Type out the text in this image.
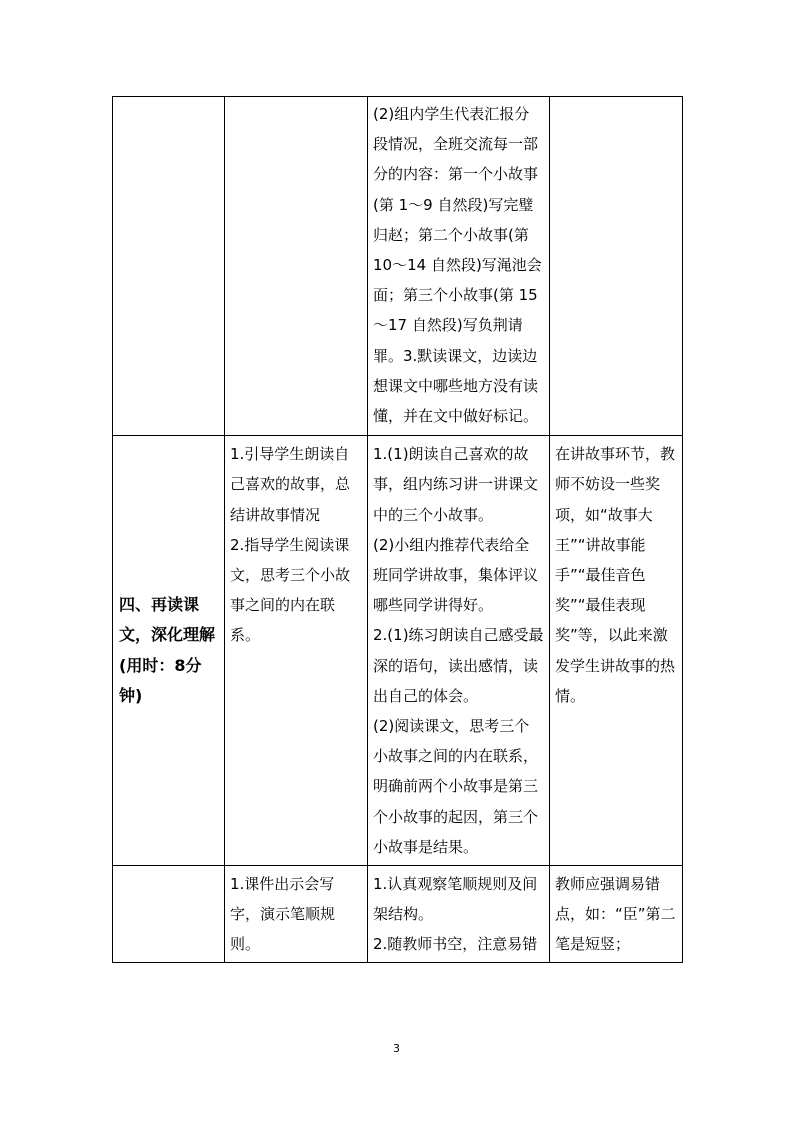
		(2)组内学生代表汇报分段情况，全班交流每一部分的内容：第一个小故事(第 1～9 自然段)写完璧归赵；第二个小故事(第 10～14 自然段)写渑池会面；第三个小故事(第 15～17 自然段)写负荆请罪。3.默读课文，边读边想课文中哪些地方没有读懂，并在文中做好标记。	

四、再读课文，深化理解(用时：8分钟)	1.引导学生朗读自己喜欢的故事，总结讲故事情况
2.指导学生阅读课文，思考三个小故事之间的内在联系。	1.(1)朗读自己喜欢的故事，组内练习讲一讲课文中的三个小故事。
(2)小组内推荐代表给全班同学讲故事，集体评议哪些同学讲得好。
2.(1)练习朗读自己感受最深的语句，读出感情，读出自己的体会。
(2)阅读课文，思考三个小故事之间的内在联系，明确前两个小故事是第三个小故事的起因，第三个小故事是结果。	在讲故事环节，教师不妨设一些奖项，如“故事大王”“讲故事能手”“最佳音色奖”“最佳表现奖”等，以此来激发学生讲故事的热情。

	1.课件出示会写字，演示笔顺规则。	1.认真观察笔顺规则及间架结构。
2.随教师书空，注意易错	教师应强调易错点，如：“臣”第二笔是短竖；
3
